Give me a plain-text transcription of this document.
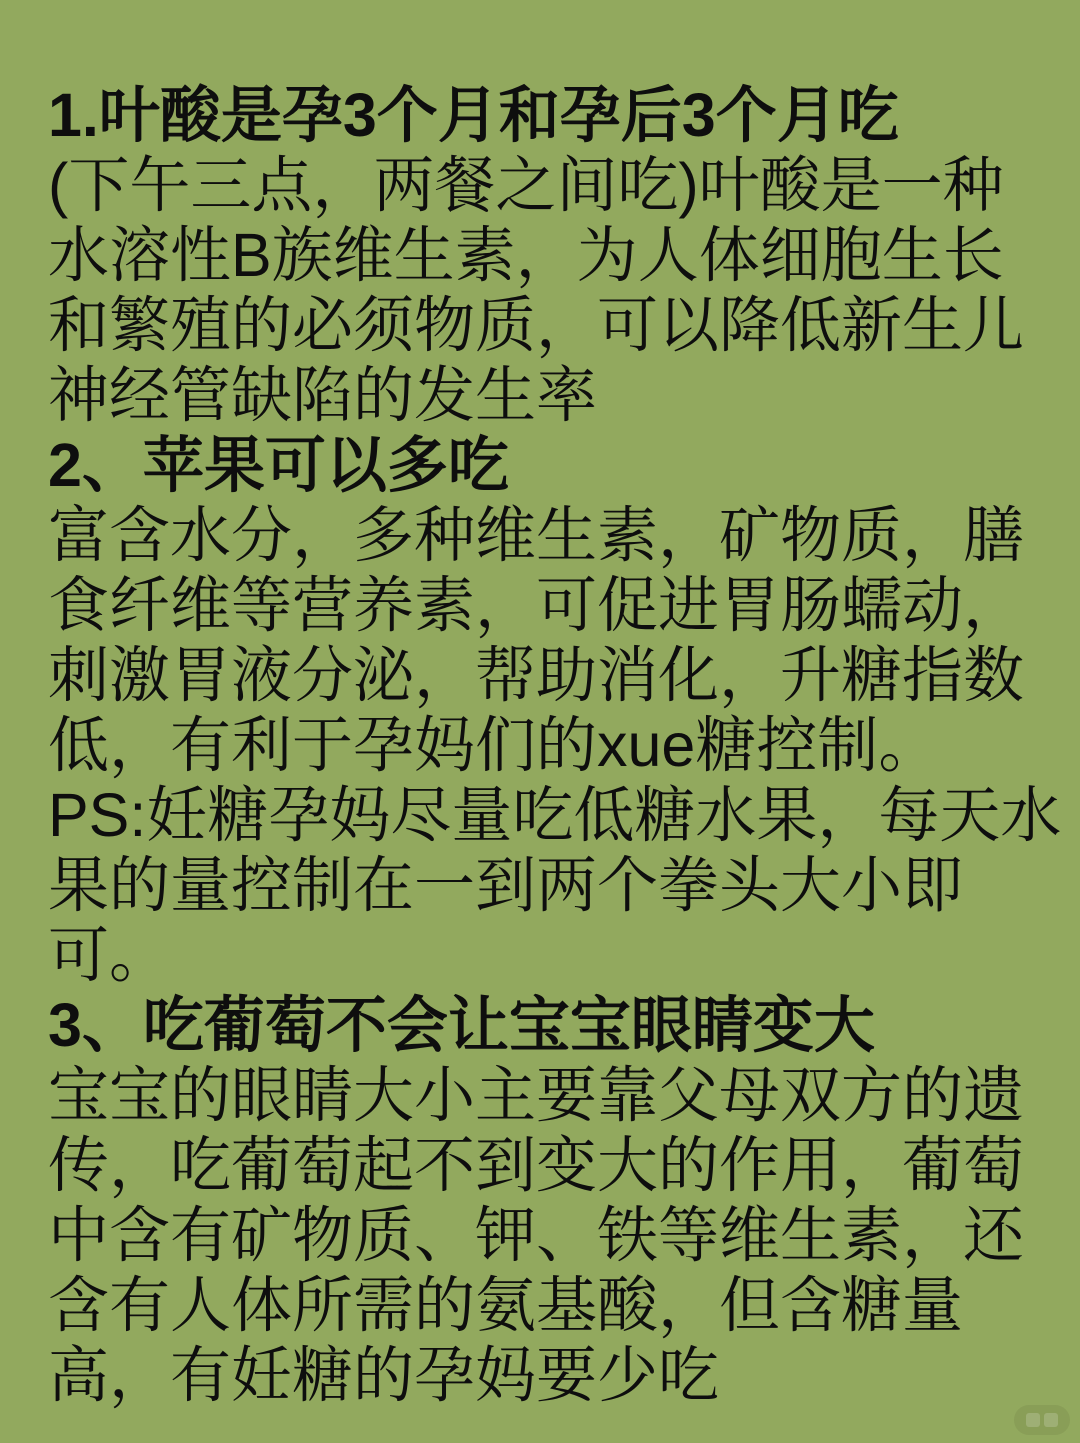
1.叶酸是孕3个月和孕后3个月吃
(下午三点，两餐之间吃)叶酸是一种
水溶性B族维生素，为人体细胞生长
和繁殖的必须物质，可以降低新生儿
神经管缺陷的发生率
2、苹果可以多吃
富含水分，多种维生素，矿物质，膳
食纤维等营养素，可促进胃肠蠕动，
刺激胃液分泌，帮助消化，升糖指数
低，有利于孕妈们的xue糖控制。
PS:妊糖孕妈尽量吃低糖水果，每天水
果的量控制在一到两个拳头大小即
可。
3、吃葡萄不会让宝宝眼睛变大
宝宝的眼睛大小主要靠父母双方的遗
传，吃葡萄起不到变大的作用，葡萄
中含有矿物质、钾、铁等维生素，还
含有人体所需的氨基酸，但含糖量
高，有妊糖的孕妈要少吃
